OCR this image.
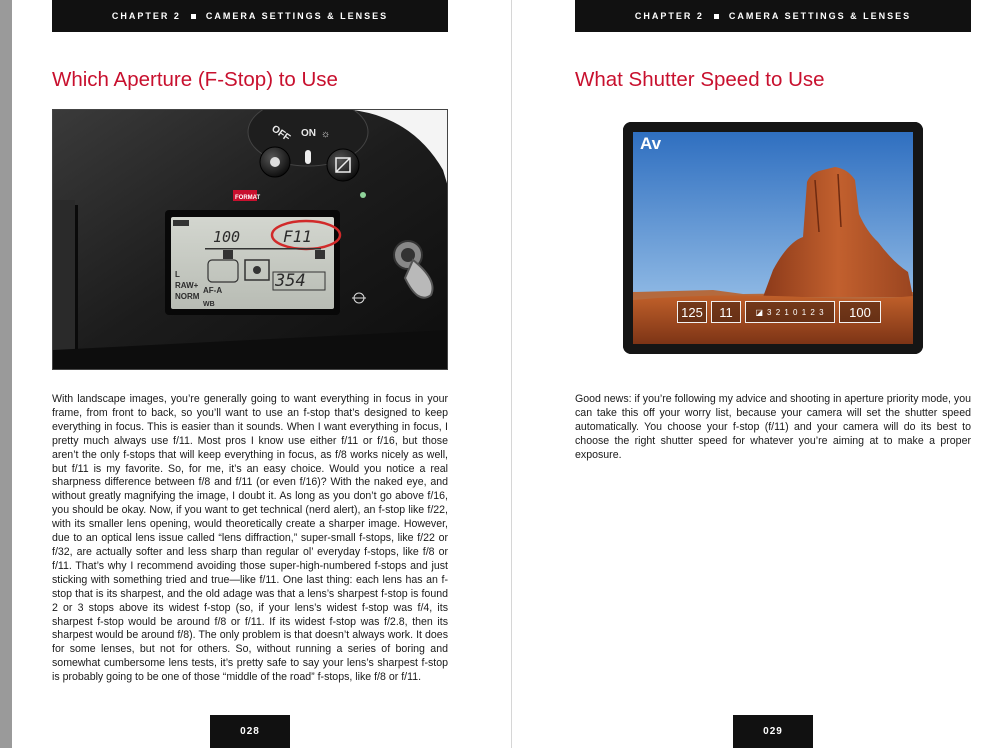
CHAPTER 2	CAMERA SETTINGS & LENSES
Which Aperture (F-Stop) to Use
OFF ON ☼
FORMAT
100	F11
L
RAW+
NORM
WB
AF-A	354

With landscape images, you’re generally going to want everything in focus in your frame, from front to back, so you’ll want to use an f-stop that’s designed to keep everything in focus. This is easier than it sounds. When I want everything in focus, I pretty much always use f/11. Most pros I know use either f/11 or f/16, but those aren’t the only f-stops that will keep everything in focus, as f/8 works nicely as well, but f/11 is my favorite. So, for me, it’s an easy choice. Would you notice a real sharpness difference between f/8 and f/11 (or even f/16)? With the naked eye, and without greatly magnifying the image, I doubt it. As long as you don’t go above f/16, you should be okay. Now, if you want to get technical (nerd alert), an f-stop like f/22, with its smaller lens opening, would theoretically create a sharper image. However, due to an optical lens issue called “lens diffraction,” super-small f-stops, like f/22 or f/32, are actually softer and less sharp than regular ol’ everyday f-stops, like f/8 or f/11. That’s why I recommend avoiding those super-high-numbered f-stops and just sticking with something tried and true—like f/11. One last thing: each lens has an f-stop that is its sharpest, and the old adage was that a lens’s sharpest f-stop is found 2 or 3 stops above its widest f-stop (so, if your lens’s widest f-stop was f/4, its sharpest f-stop would be around f/8 or f/11. If its widest f-stop was f/2.8, then its sharpest would be around f/8). The only problem is that doesn’t always work. It does for some lenses, but not for others. So, without running a series of boring and somewhat cumbersome lens tests, it’s pretty safe to say your lens’s sharpest f-stop is probably going to be one of those “middle of the road” f-stops, like f/8 or f/11.

028
CHAPTER 2	CAMERA SETTINGS & LENSES
What Shutter Speed to Use
Av
125	11	◪ 3 2 1 0 1 2 3	100

Good news: if you’re following my advice and shooting in aperture priority mode, you can take this off your worry list, because your camera will set the shutter speed automatically. You choose your f-stop (f/11) and your camera will do its best to choose the right shutter speed for whatever you’re aiming at to make a proper exposure.

029
